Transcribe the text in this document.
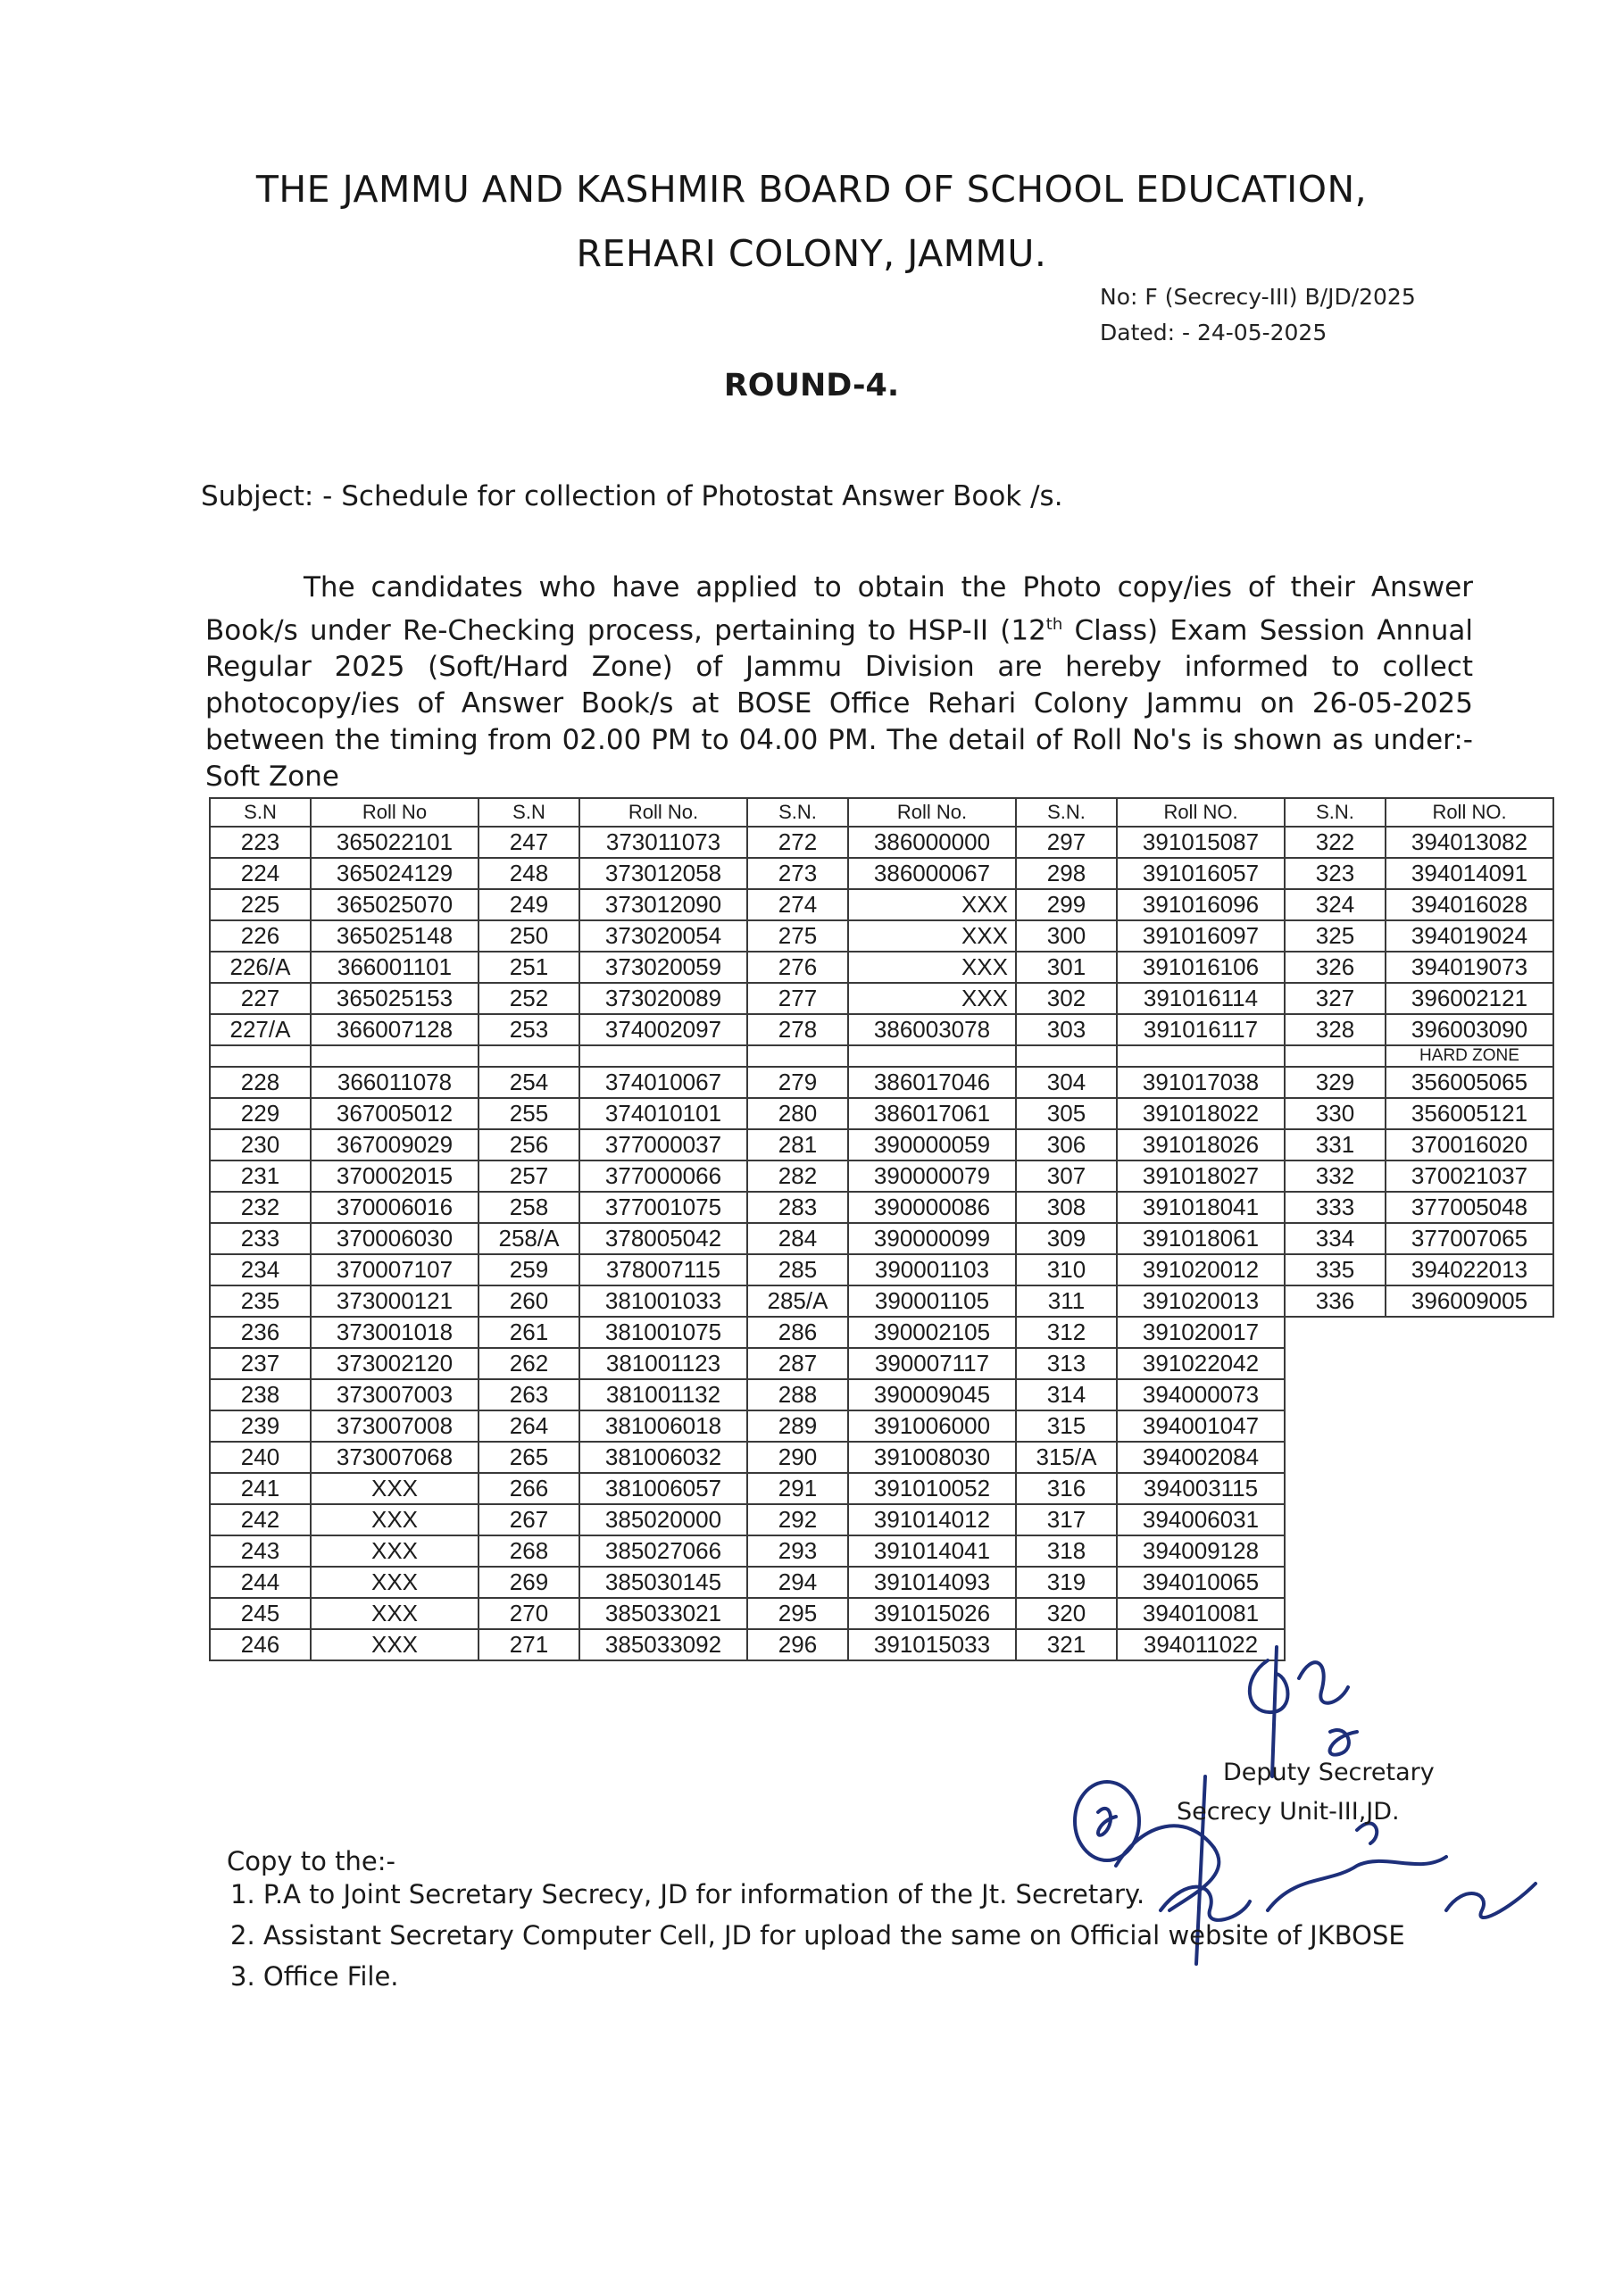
THE JAMMU AND KASHMIR BOARD OF SCHOOL EDUCATION,
REHARI COLONY, JAMMU.
No: F (Secrecy-III) B/JD/2025
Dated: - 24-05-2025
ROUND-4.
Subject: - Schedule for collection of Photostat Answer Book /s.
The candidates who have applied to obtain the Photo copy/ies of their Answer Book/s under Re-Checking process, pertaining to HSP-II (12th Class) Exam Session Annual Regular 2025 (Soft/Hard Zone) of Jammu Division are hereby informed to collect photocopy/ies of Answer Book/s at BOSE Office Rehari Colony Jammu on 26-05-2025 between the timing from 02.00 PM to 04.00 PM. The detail of Roll No's is shown as under:- Soft Zone
S.N	Roll No	S.N	Roll No.	S.N.	Roll No.	S.N.	Roll NO.	S.N.	Roll NO.
223	365022101	247	373011073	272	386000000	297	391015087	322	394013082
224	365024129	248	373012058	273	386000067	298	391016057	323	394014091
225	365025070	249	373012090	274	XXX	299	391016096	324	394016028
226	365025148	250	373020054	275	XXX	300	391016097	325	394019024
226/A	366001101	251	373020059	276	XXX	301	391016106	326	394019073
227	365025153	252	373020089	277	XXX	302	391016114	327	396002121
227/A	366007128	253	374002097	278	386003078	303	391016117	328	396003090
									HARD ZONE
228	366011078	254	374010067	279	386017046	304	391017038	329	356005065
229	367005012	255	374010101	280	386017061	305	391018022	330	356005121
230	367009029	256	377000037	281	390000059	306	391018026	331	370016020
231	370002015	257	377000066	282	390000079	307	391018027	332	370021037
232	370006016	258	377001075	283	390000086	308	391018041	333	377005048
233	370006030	258/A	378005042	284	390000099	309	391018061	334	377007065
234	370007107	259	378007115	285	390001103	310	391020012	335	394022013
235	373000121	260	381001033	285/A	390001105	311	391020013	336	396009005
236	373001018	261	381001075	286	390002105	312	391020017		
237	373002120	262	381001123	287	390007117	313	391022042		
238	373007003	263	381001132	288	390009045	314	394000073		
239	373007008	264	381006018	289	391006000	315	394001047		
240	373007068	265	381006032	290	391008030	315/A	394002084		
241	XXX	266	381006057	291	391010052	316	394003115		
242	XXX	267	385020000	292	391014012	317	394006031		
243	XXX	268	385027066	293	391014041	318	394009128		
244	XXX	269	385030145	294	391014093	319	394010065		
245	XXX	270	385033021	295	391015026	320	394010081		
246	XXX	271	385033092	296	391015033	321	394011022		
Deputy Secretary
Secrecy Unit-III,JD.
Copy to the:-
1. P.A to Joint Secretary Secrecy, JD for information of the Jt. Secretary.
2. Assistant Secretary Computer Cell, JD for upload the same on Official website of JKBOSE
3. Office File.
